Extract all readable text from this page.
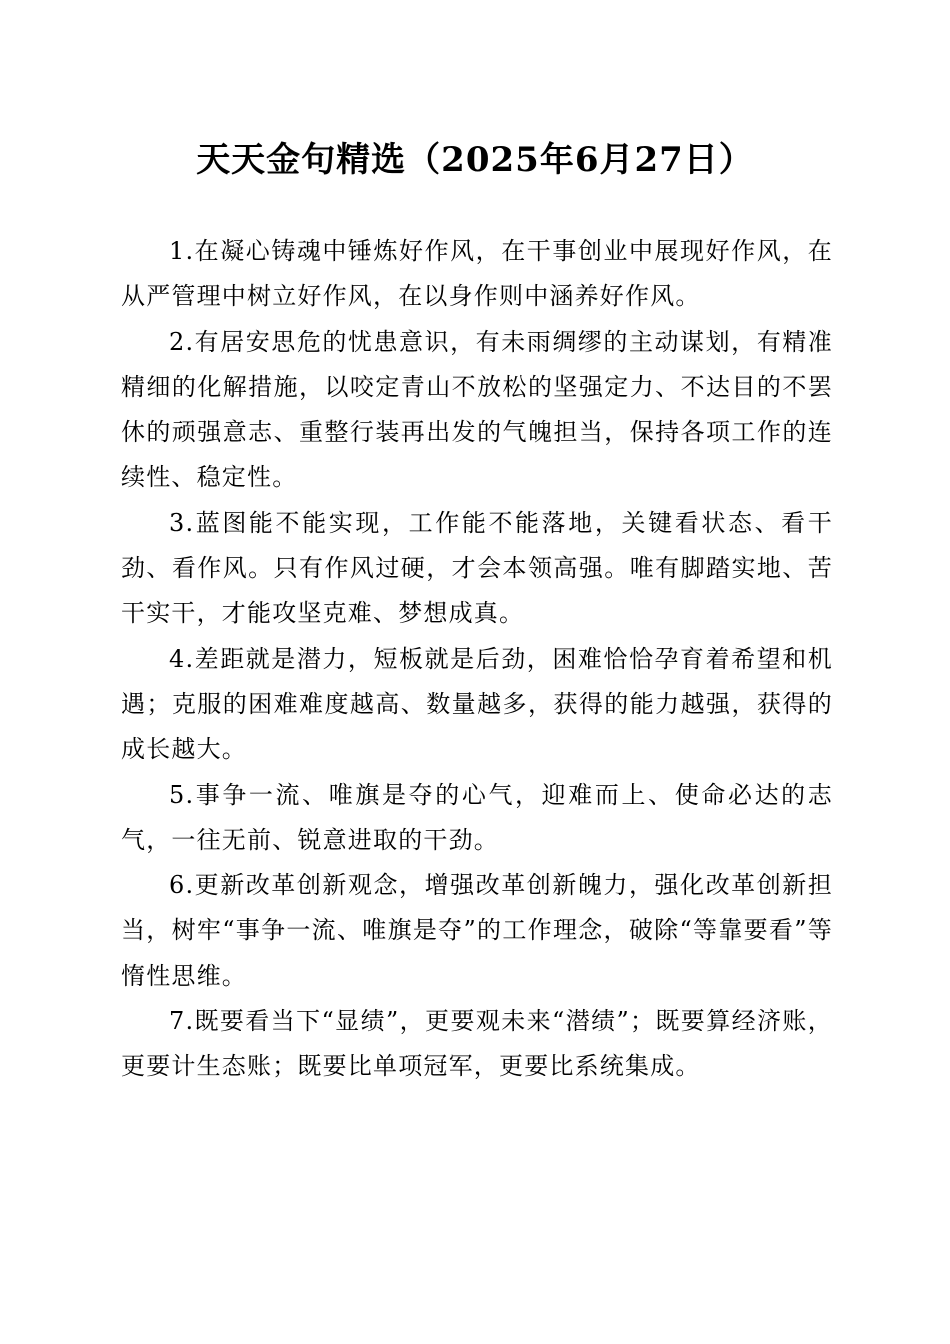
天天金句精选（2025年6月27日）

1.在凝心铸魂中锤炼好作风，在干事创业中展现好作风，在从严管理中树立好作风，在以身作则中涵养好作风。

2.有居安思危的忧患意识，有未雨绸缪的主动谋划，有精准精细的化解措施，以咬定青山不放松的坚强定力、不达目的不罢休的顽强意志、重整行装再出发的气魄担当，保持各项工作的连续性、稳定性。

3.蓝图能不能实现，工作能不能落地，关键看状态、看干劲、看作风。只有作风过硬，才会本领高强。唯有脚踏实地、苦干实干，才能攻坚克难、梦想成真。

4.差距就是潜力，短板就是后劲，困难恰恰孕育着希望和机遇；克服的困难难度越高、数量越多，获得的能力越强，获得的成长越大。

5.事争一流、唯旗是夺的心气，迎难而上、使命必达的志气，一往无前、锐意进取的干劲。

6.更新改革创新观念，增强改革创新魄力，强化改革创新担当，树牢“事争一流、唯旗是夺”的工作理念，破除“等靠要看”等惰性思维。

7.既要看当下“显绩”，更要观未来“潜绩”；既要算经济账，更要计生态账；既要比单项冠军，更要比系统集成。
